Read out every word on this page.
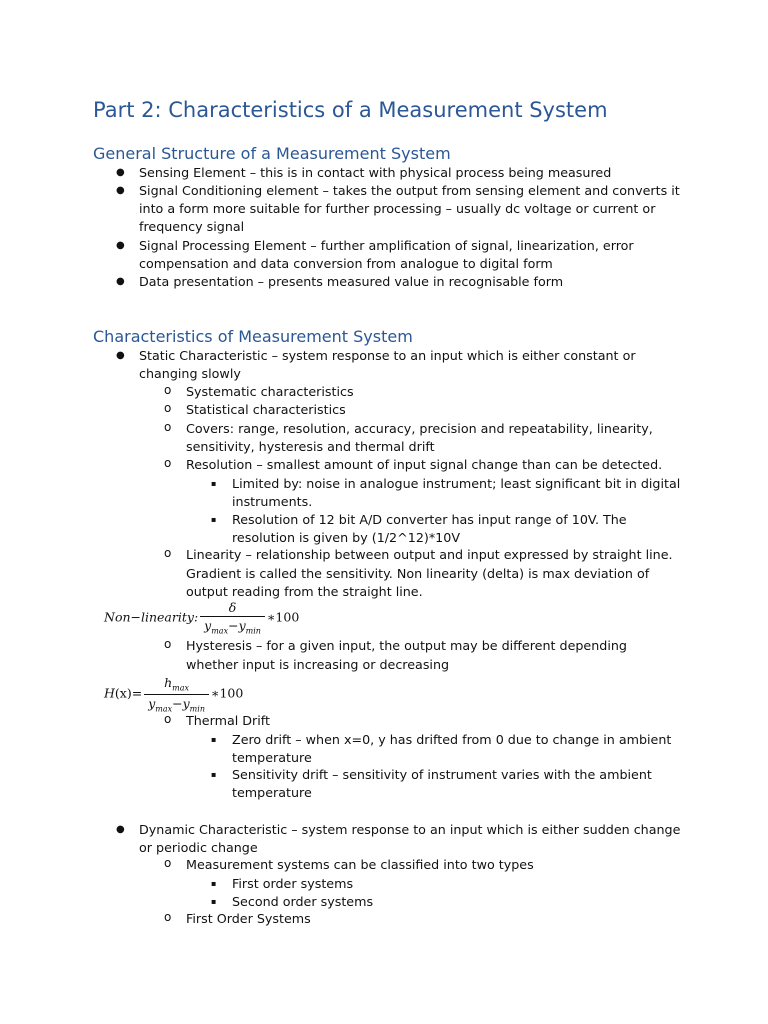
Part 2: Characteristics of a Measurement System
General Structure of a Measurement System
● Sensing Element – this is in contact with physical process being measured
● Signal Conditioning element – takes the output from sensing element and converts it
into a form more suitable for further processing – usually dc voltage or current or
frequency signal
● Signal Processing Element – further amplification of signal, linearization, error
compensation and data conversion from analogue to digital form
● Data presentation – presents measured value in recognisable form
Characteristics of Measurement System
● Static Characteristic – system response to an input which is either constant or
changing slowly
o Systematic characteristics
o Statistical characteristics
o Covers: range, resolution, accuracy, precision and repeatability, linearity,
sensitivity, hysteresis and thermal drift
o Resolution – smallest amount of input signal change than can be detected.
▪ Limited by: noise in analogue instrument; least significant bit in digital
instruments.
▪ Resolution of 12 bit A/D converter has input range of 10V. The
resolution is given by (1/2^12)*10V
o Linearity – relationship between output and input expressed by straight line.
Gradient is called the sensitivity. Non linearity (delta) is max deviation of
output reading from the straight line.
Non−linearity: $\frac{\delta}{y_{max}-y_{min}}$ ∗100
o Hysteresis – for a given input, the output may be different depending
whether input is increasing or decreasing
$H(x)= \frac{h_{max}}{y_{max}-y_{min}}$ ∗100
o Thermal Drift
▪ Zero drift – when x=0, y has drifted from 0 due to change in ambient
temperature
▪ Sensitivity drift – sensitivity of instrument varies with the ambient
temperature
● Dynamic Characteristic – system response to an input which is either sudden change
or periodic change
o Measurement systems can be classified into two types
▪ First order systems
▪ Second order systems
o First Order Systems
